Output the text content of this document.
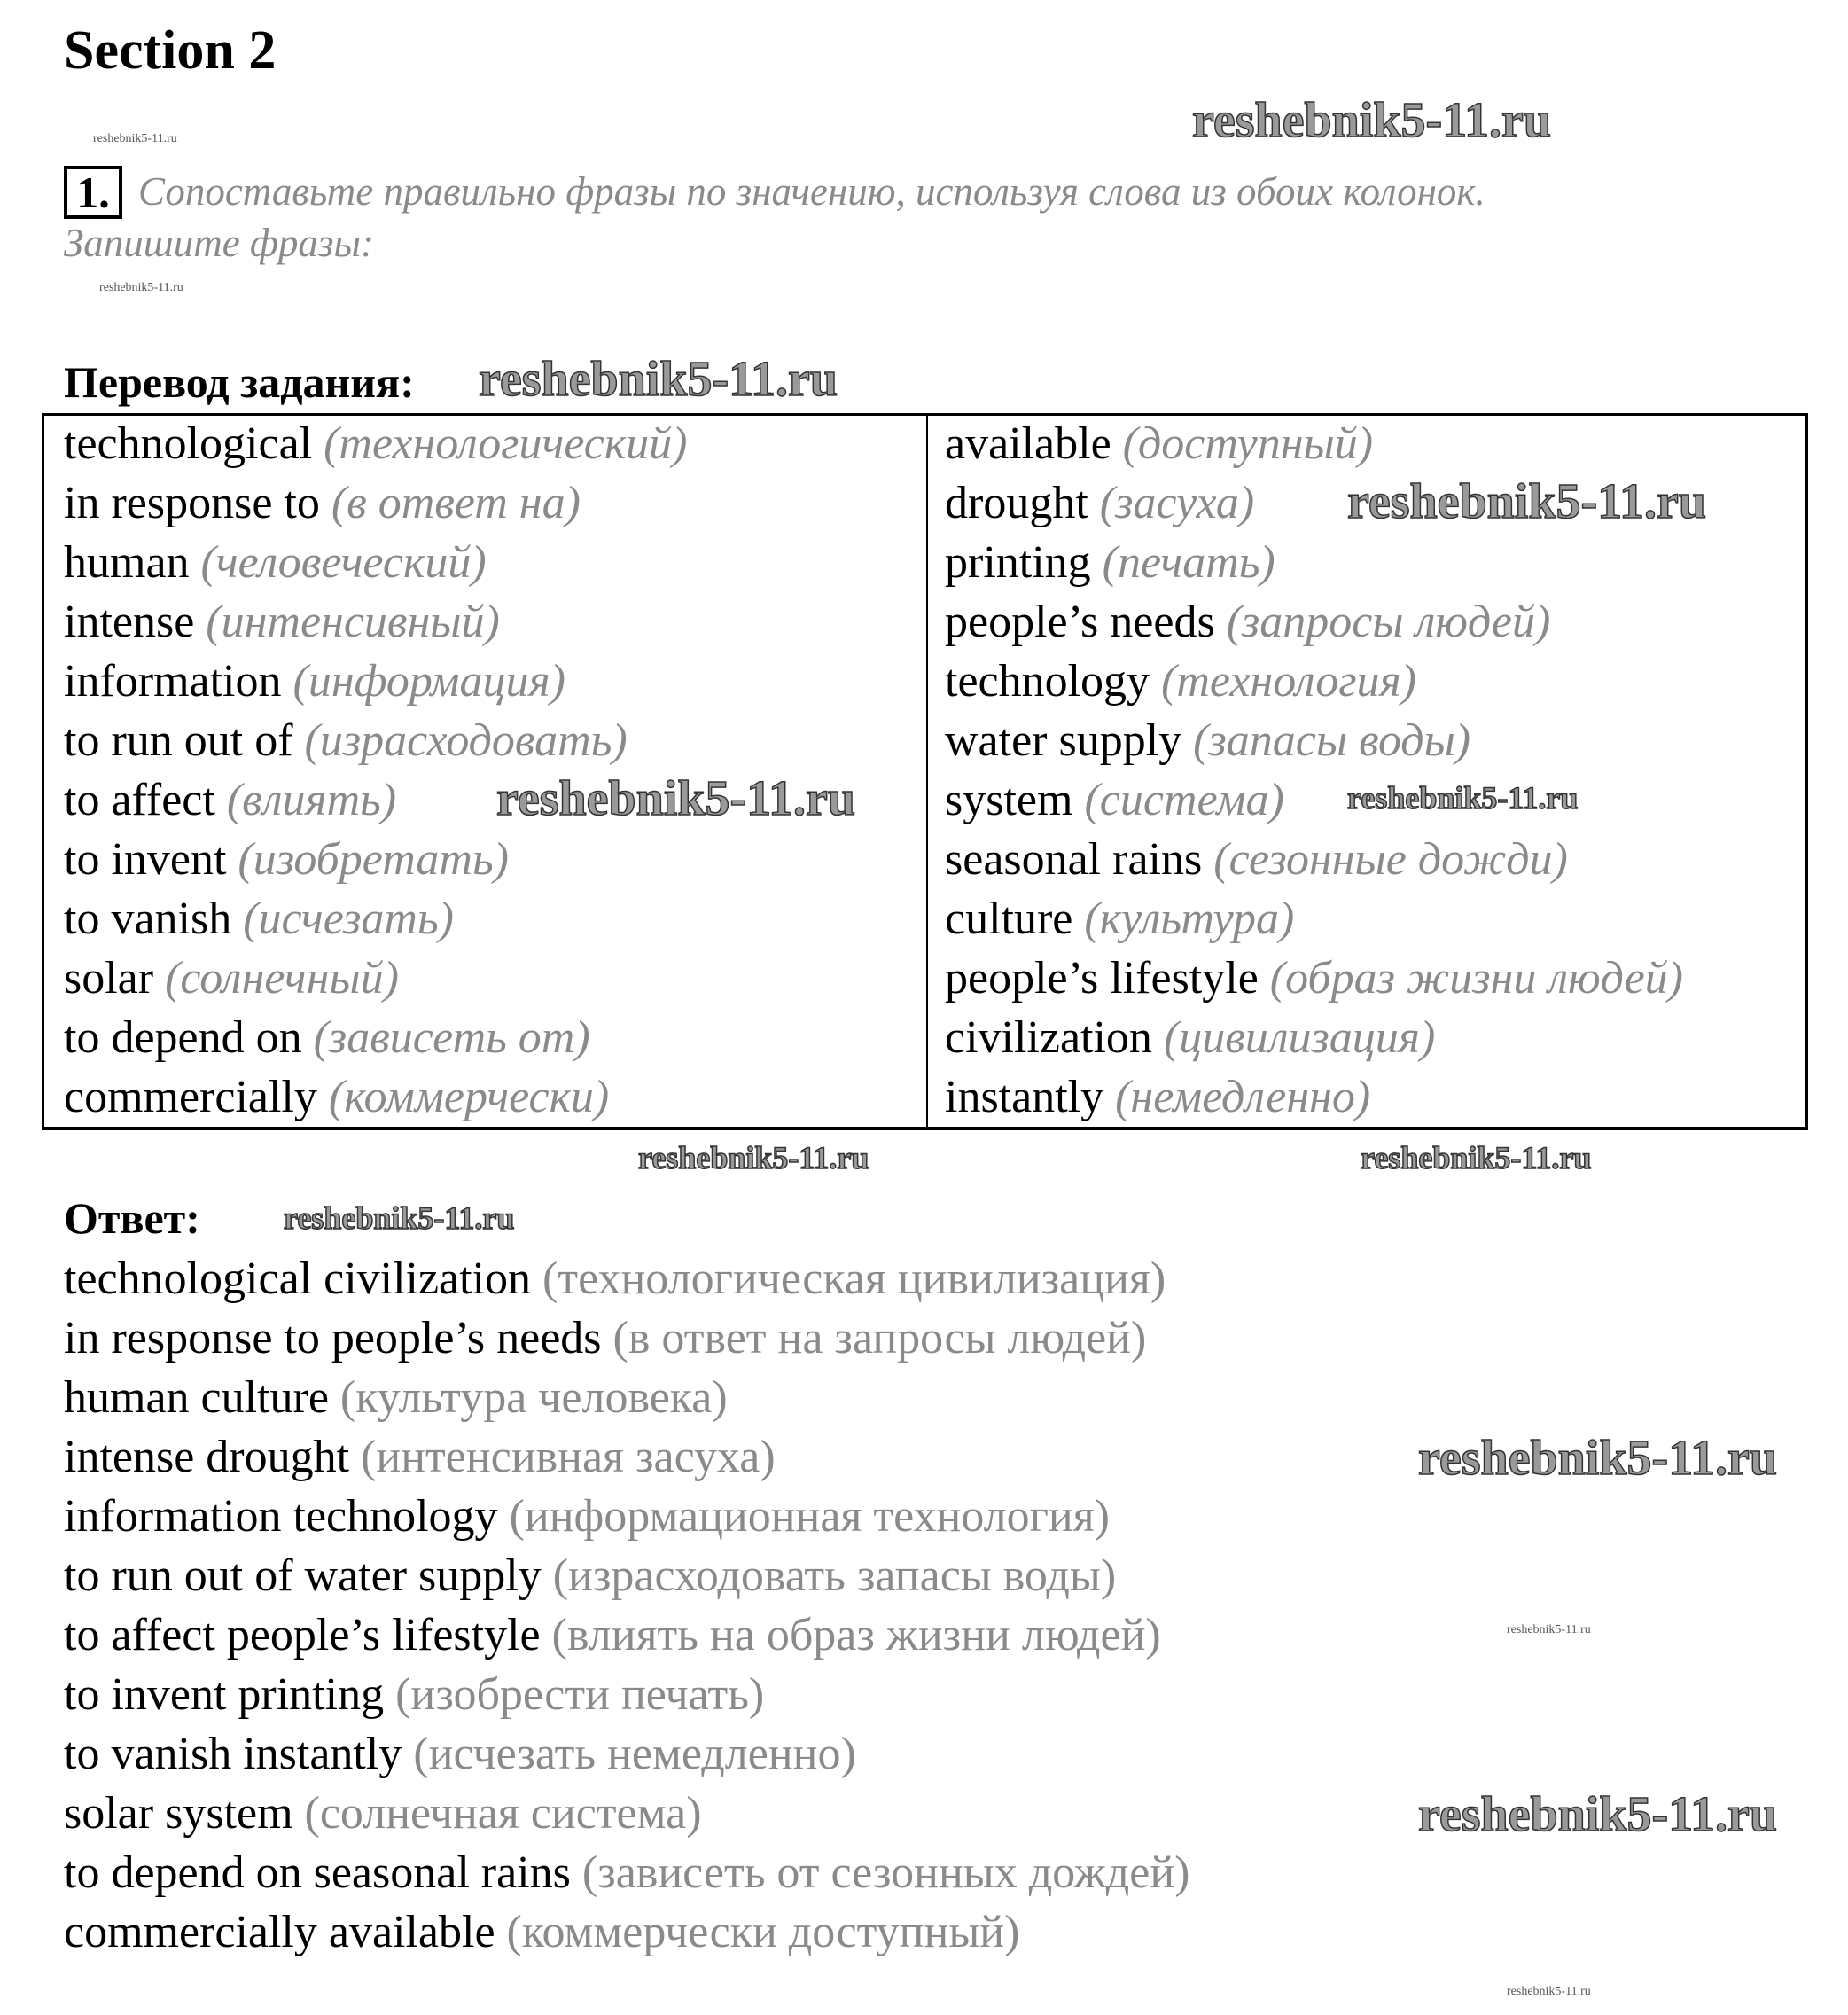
Section 2
1. Сопоставьте правильно фразы по значению, используя слова из обоих колонок.
Запишите фразы:
Перевод задания:
technological (технологический)
in response to (в ответ на)
human (человеческий)
intense (интенсивный)
information (информация)
to run out of (израсходовать)
to affect (влиять)
to invent (изобретать)
to vanish (исчезать)
solar (солнечный)
to depend on (зависеть от)
commercially (коммерчески)
available (доступный)
drought (засуха)
printing (печать)
people’s needs (запросы людей)
technology (технология)
water supply (запасы воды)
system (система)
seasonal rains (сезонные дожди)
culture (культура)
people’s lifestyle (образ жизни людей)
civilization (цивилизация)
instantly (немедленно)
Ответ:
technological civilization (технологическая цивилизация)
in response to people’s needs (в ответ на запросы людей)
human culture (культура человека)
intense drought (интенсивная засуха)
information technology (информационная технология)
to run out of water supply (израсходовать запасы воды)
to affect people’s lifestyle (влиять на образ жизни людей)
to invent printing (изобрести печать)
to vanish instantly (исчезать немедленно)
solar system (солнечная система)
to depend on seasonal rains (зависеть от сезонных дождей)
commercially available (коммерчески доступный)
reshebnik5-11.ru
reshebnik5-11.ru
reshebnik5-11.ru
reshebnik5-11.ru
reshebnik5-11.ru
reshebnik5-11.ru	reshebnik5-11.ru
reshebnik5-11.ru	reshebnik5-11.ru
reshebnik5-11.ru
reshebnik5-11.ru
reshebnik5-11.ru
reshebnik5-11.ru
reshebnik5-11.ru
